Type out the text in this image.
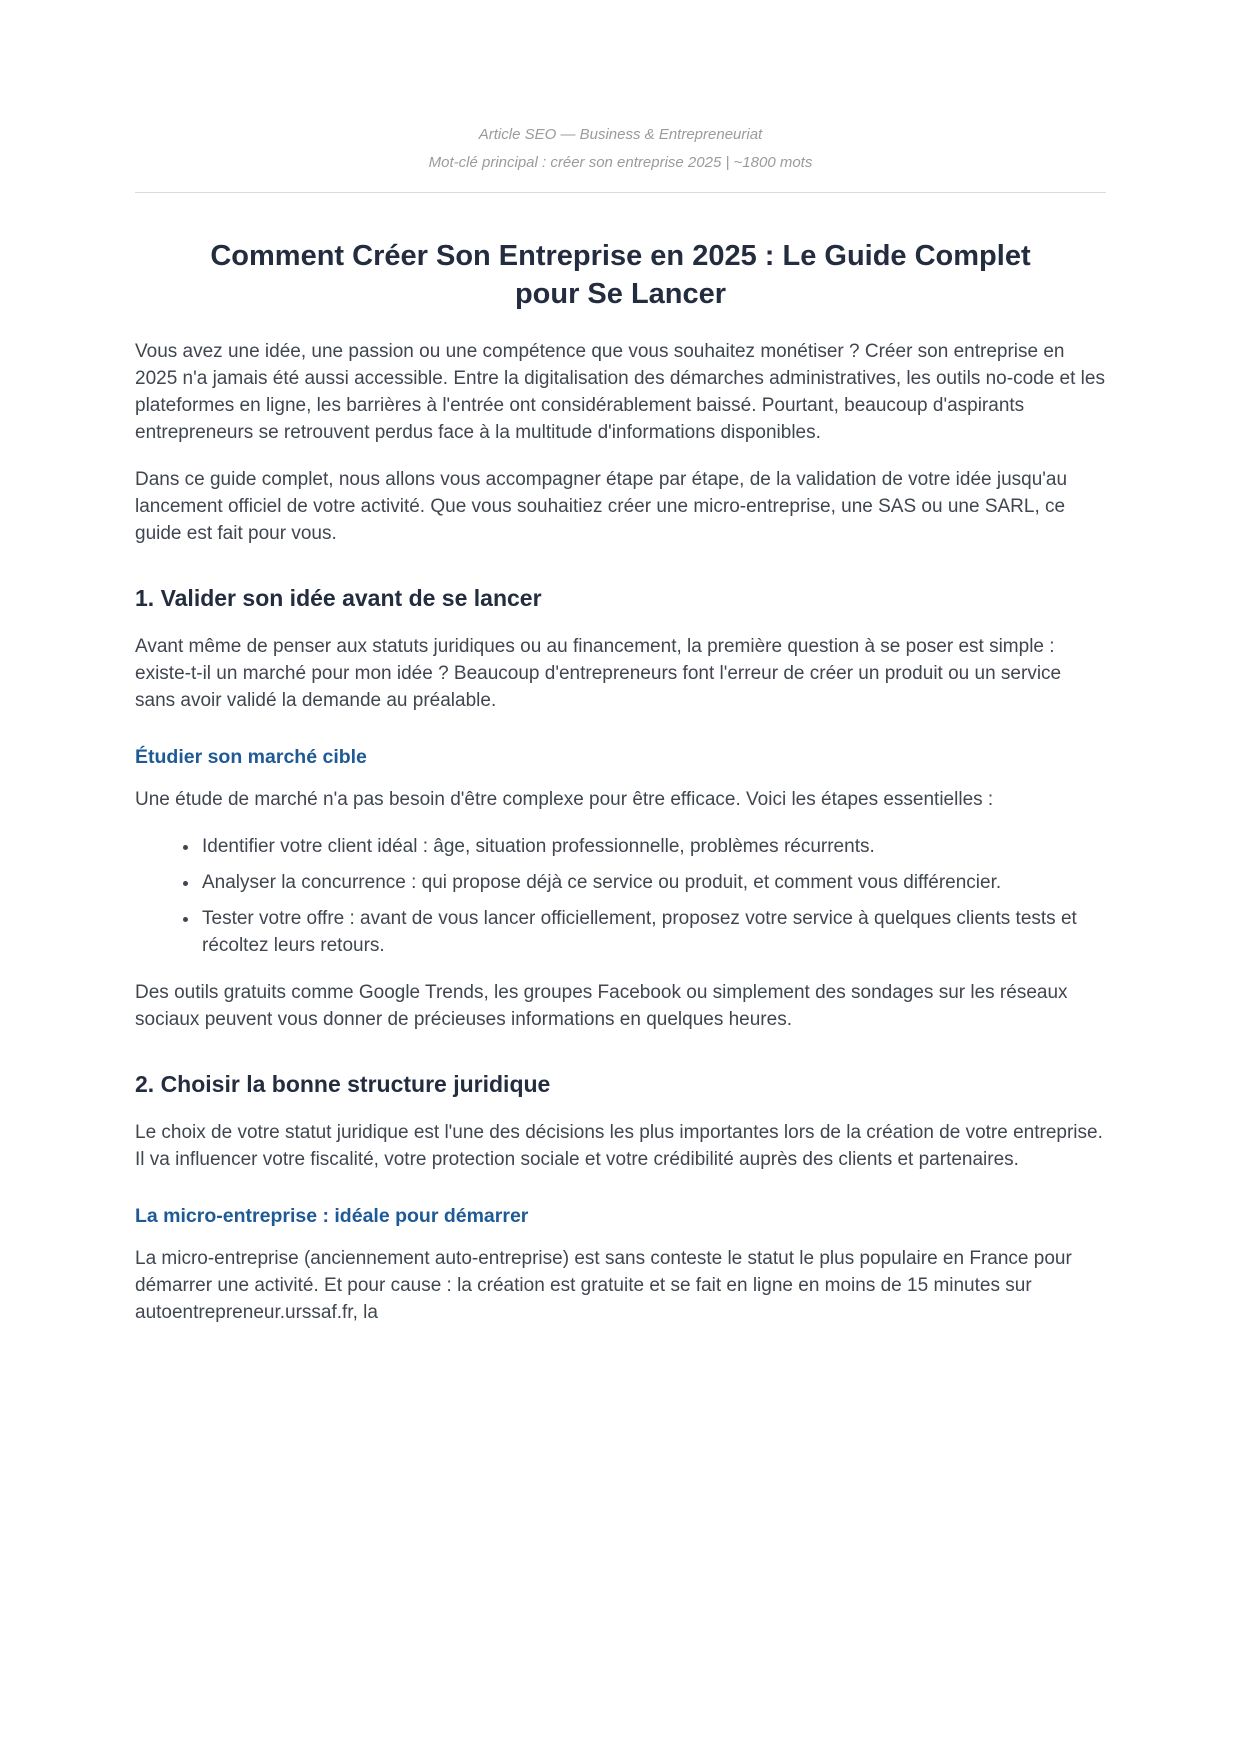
Article SEO — Business & Entrepreneuriat

Mot-clé principal : créer son entreprise 2025 | ~1800 mots

Comment Créer Son Entreprise en 2025 : Le Guide Complet pour Se Lancer

Vous avez une idée, une passion ou une compétence que vous souhaitez monétiser ? Créer son entreprise en 2025 n'a jamais été aussi accessible. Entre la digitalisation des démarches administratives, les outils no-code et les plateformes en ligne, les barrières à l'entrée ont considérablement baissé. Pourtant, beaucoup d'aspirants entrepreneurs se retrouvent perdus face à la multitude d'informations disponibles.

Dans ce guide complet, nous allons vous accompagner étape par étape, de la validation de votre idée jusqu'au lancement officiel de votre activité. Que vous souhaitiez créer une micro-entreprise, une SAS ou une SARL, ce guide est fait pour vous.

1. Valider son idée avant de se lancer

Avant même de penser aux statuts juridiques ou au financement, la première question à se poser est simple : existe-t-il un marché pour mon idée ? Beaucoup d'entrepreneurs font l'erreur de créer un produit ou un service sans avoir validé la demande au préalable.

Étudier son marché cible

Une étude de marché n'a pas besoin d'être complexe pour être efficace. Voici les étapes essentielles :

• Identifier votre client idéal : âge, situation professionnelle, problèmes récurrents.
• Analyser la concurrence : qui propose déjà ce service ou produit, et comment vous différencier.
• Tester votre offre : avant de vous lancer officiellement, proposez votre service à quelques clients tests et récoltez leurs retours.

Des outils gratuits comme Google Trends, les groupes Facebook ou simplement des sondages sur les réseaux sociaux peuvent vous donner de précieuses informations en quelques heures.

2. Choisir la bonne structure juridique

Le choix de votre statut juridique est l'une des décisions les plus importantes lors de la création de votre entreprise. Il va influencer votre fiscalité, votre protection sociale et votre crédibilité auprès des clients et partenaires.

La micro-entreprise : idéale pour démarrer

La micro-entreprise (anciennement auto-entreprise) est sans conteste le statut le plus populaire en France pour démarrer une activité. Et pour cause : la création est gratuite et se fait en ligne en moins de 15 minutes sur autoentrepreneur.urssaf.fr, la
